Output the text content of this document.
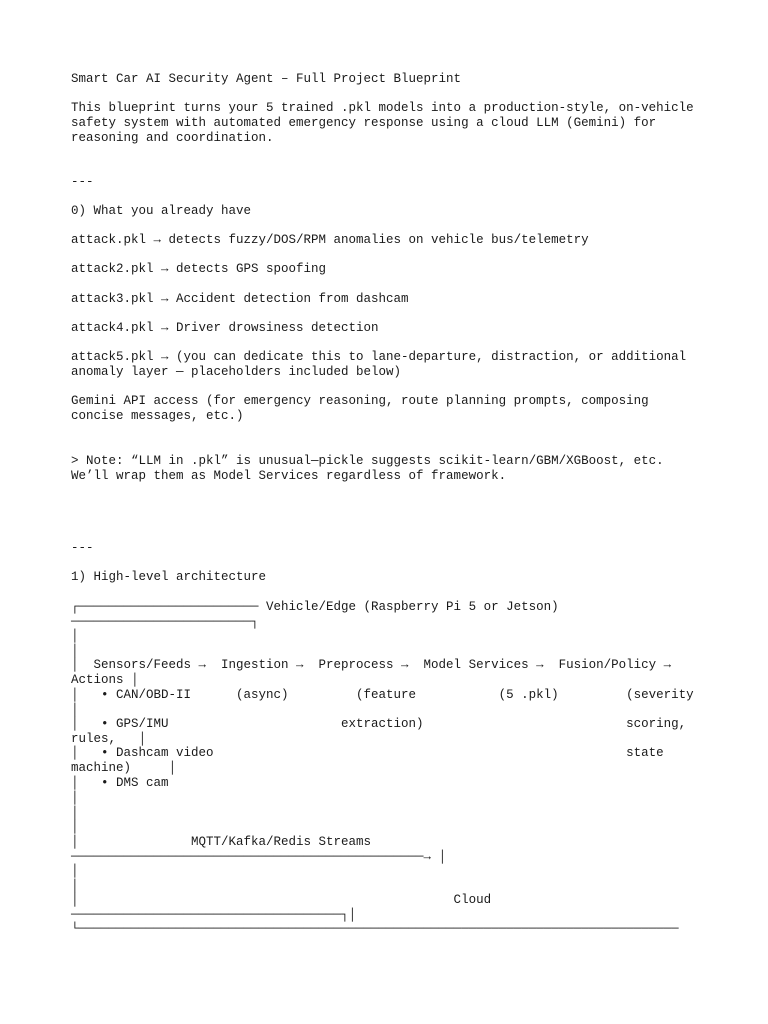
Smart Car AI Security Agent – Full Project Blueprint

This blueprint turns your 5 trained .pkl models into a production-style, on-vehicle

safety system with automated emergency response using a cloud LLM (Gemini) for

reasoning and coordination.

---

0) What you already have

attack.pkl → detects fuzzy/DOS/RPM anomalies on vehicle bus/telemetry

attack2.pkl → detects GPS spoofing

attack3.pkl → Accident detection from dashcam

attack4.pkl → Driver drowsiness detection

attack5.pkl → (you can dedicate this to lane-departure, distraction, or additional

anomaly layer — placeholders included below)

Gemini API access (for emergency reasoning, route planning prompts, composing

concise messages, etc.)

> Note: “LLM in .pkl” is unusual—pickle suggests scikit-learn/GBM/XGBoost, etc.

We’ll wrap them as Model Services regardless of framework.

---

1) High-level architecture

┌──────────────────────── Vehicle/Edge (Raspberry Pi 5 or Jetson)

────────────────────────┐

│

│

│  Sensors/Feeds →  Ingestion →  Preprocess →  Model Services →  Fusion/Policy →

Actions │

│   • CAN/OBD-II      (async)         (feature           (5 .pkl)         (severity

│

│   • GPS/IMU                       extraction)                           scoring,

rules,   │

│   • Dashcam video                                                       state

machine)     │

│   • DMS cam

│

│

│

│               MQTT/Kafka/Redis Streams

───────────────────────────────────────────────→ │

│

│

│                                                  Cloud

────────────────────────────────────┐│

└────────────────────────────────────────────────────────────────────────────────
